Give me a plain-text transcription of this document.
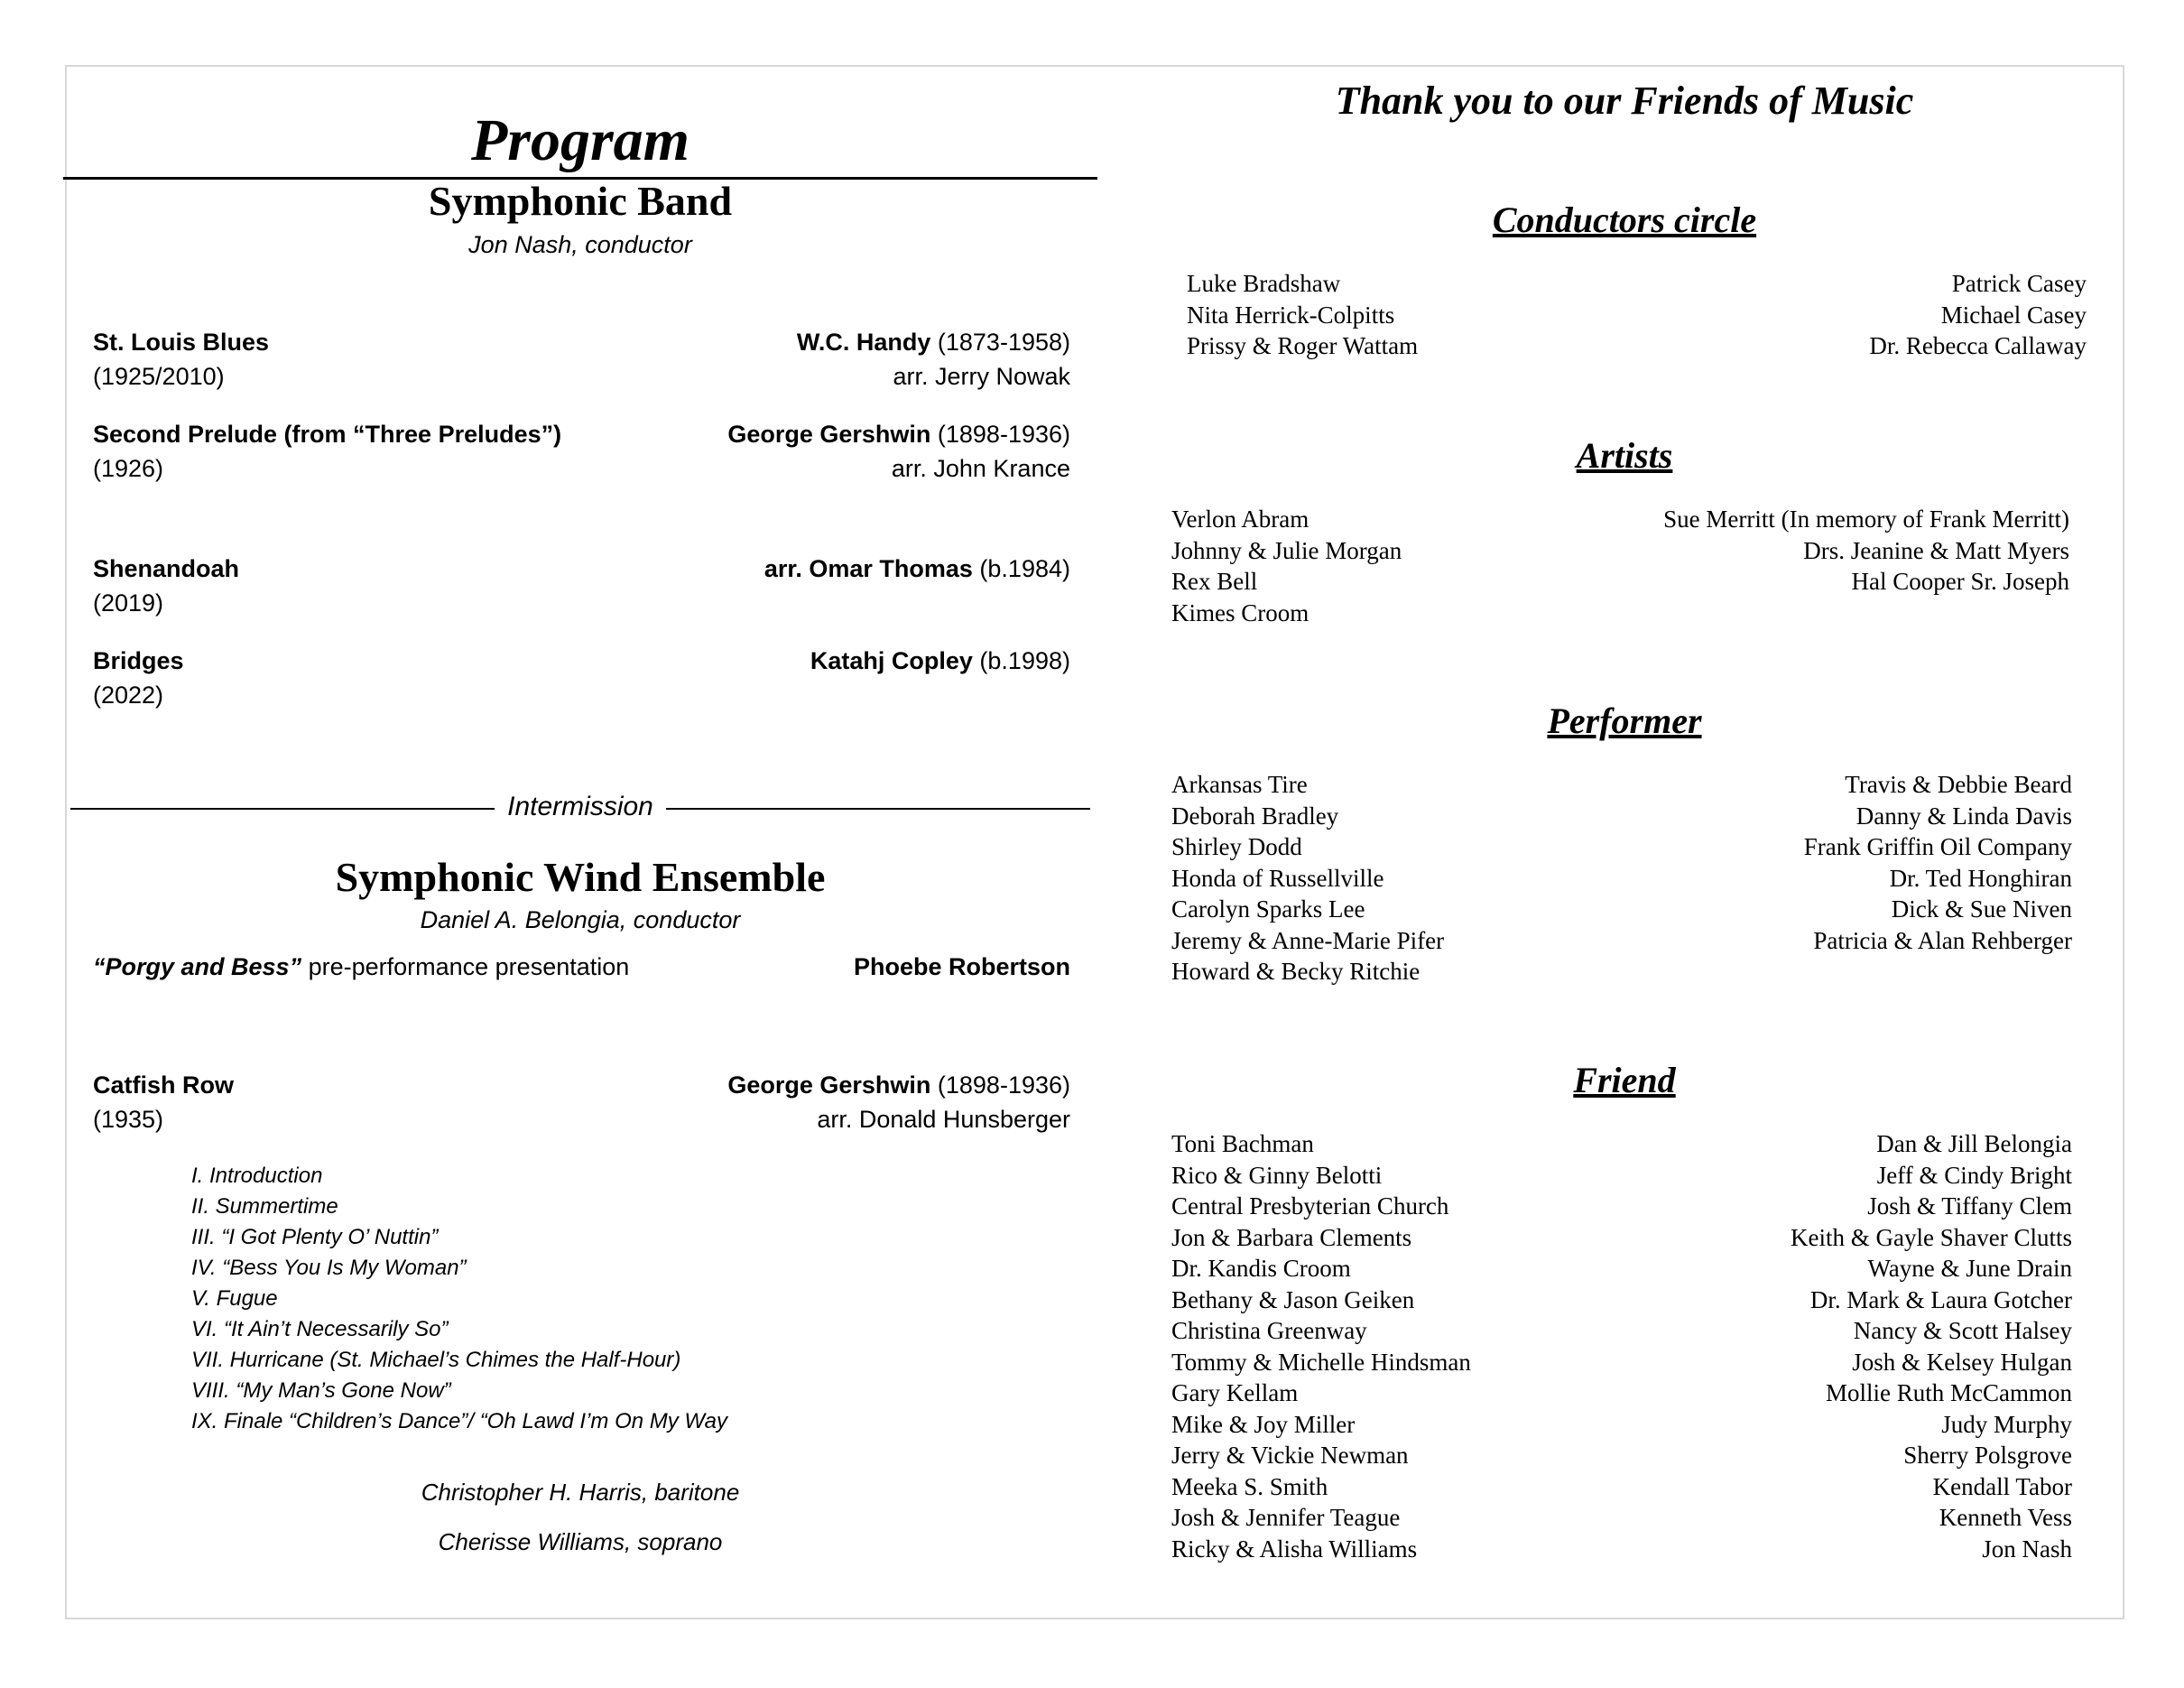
Program
Symphonic Band
Jon Nash, conductor
St. Louis Blues
(1925/2010)
W.C. Handy (1873-1958)
arr. Jerry Nowak
Second Prelude (from “Three Preludes”)
(1926)
George Gershwin (1898-1936)
arr. John Krance
Shenandoah
(2019)
arr. Omar Thomas (b.1984)
Bridges
(2022)
Katahj Copley (b.1998)
Intermission
Symphonic Wind Ensemble
Daniel A. Belongia, conductor
“Porgy and Bess” pre-performance presentation	Phoebe Robertson
Catfish Row
(1935)
George Gershwin (1898-1936)
arr. Donald Hunsberger
I. Introduction
II. Summertime
III. “I Got Plenty O’ Nuttin”
IV. “Bess You Is My Woman”
V. Fugue
VI. “It Ain’t Necessarily So”
VII. Hurricane (St. Michael’s Chimes the Half-Hour)
VIII. “My Man’s Gone Now”
IX. Finale “Children’s Dance”/ “Oh Lawd I’m On My Way
Christopher H. Harris, baritone
Cherisse Williams, soprano
Thank you to our Friends of Music
Conductors circle
Luke Bradshaw
Nita Herrick-Colpitts
Prissy & Roger Wattam
Patrick Casey
Michael Casey
Dr. Rebecca Callaway
Artists
Verlon Abram
Johnny & Julie Morgan
Rex Bell
Kimes Croom
Sue Merritt (In memory of Frank Merritt)
Drs. Jeanine & Matt Myers
Hal Cooper Sr. Joseph
Performer
Arkansas Tire
Deborah Bradley
Shirley Dodd
Honda of Russellville
Carolyn Sparks Lee
Jeremy & Anne-Marie Pifer
Howard & Becky Ritchie
Travis & Debbie Beard
Danny & Linda Davis
Frank Griffin Oil Company
Dr. Ted Honghiran
Dick & Sue Niven
Patricia & Alan Rehberger
Friend
Toni Bachman
Rico & Ginny Belotti
Central Presbyterian Church
Jon & Barbara Clements
Dr. Kandis Croom
Bethany & Jason Geiken
Christina Greenway
Tommy & Michelle Hindsman
Gary Kellam
Mike & Joy Miller
Jerry & Vickie Newman
Meeka S. Smith
Josh & Jennifer Teague
Ricky & Alisha Williams
Dan & Jill Belongia
Jeff & Cindy Bright
Josh & Tiffany Clem
Keith & Gayle Shaver Clutts
Wayne & June Drain
Dr. Mark & Laura Gotcher
Nancy & Scott Halsey
Josh & Kelsey Hulgan
Mollie Ruth McCammon
Judy Murphy
Sherry Polsgrove
Kendall Tabor
Kenneth Vess
Jon Nash
